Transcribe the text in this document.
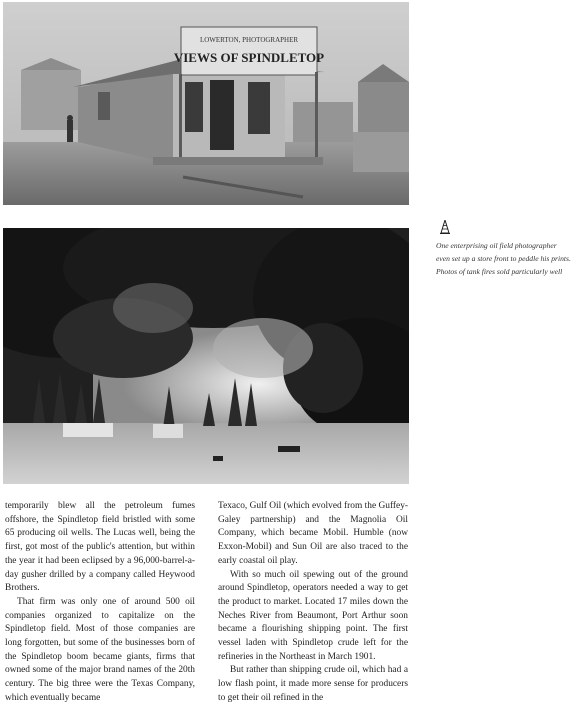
LOWERTON, PHOTOGRAPHER
VIEWS OF SPINDLETOP

One enterprising oil field photographer even set up a store front to peddle his prints. Photos of tank fires sold particularly well

temporarily blew all the petroleum fumes offshore, the Spindletop field bristled with some 65 producing oil wells. The Lucas well, being the first, got most of the public's attention, but within the year it had been eclipsed by a 96,000-barrel-a-day gusher drilled by a company called Heywood Brothers.

That firm was only one of around 500 oil companies organized to capitalize on the Spindletop field. Most of those companies are long forgotten, but some of the businesses born of the Spindletop boom became giants, firms that owned some of the major brand names of the 20th century. The big three were the Texas Company, which eventually became

Texaco, Gulf Oil (which evolved from the Guffey-Galey partnership) and the Magnolia Oil Company, which became Mobil. Humble (now Exxon-Mobil) and Sun Oil are also traced to the early coastal oil play.

With so much oil spewing out of the ground around Spindletop, operators needed a way to get the product to market. Located 17 miles down the Neches River from Beaumont, Port Arthur soon became a flourishing shipping point. The first vessel laden with Spindletop crude left for the refineries in the Northeast in March 1901.

But rather than shipping crude oil, which had a low flash point, it made more sense for producers to get their oil refined in the
